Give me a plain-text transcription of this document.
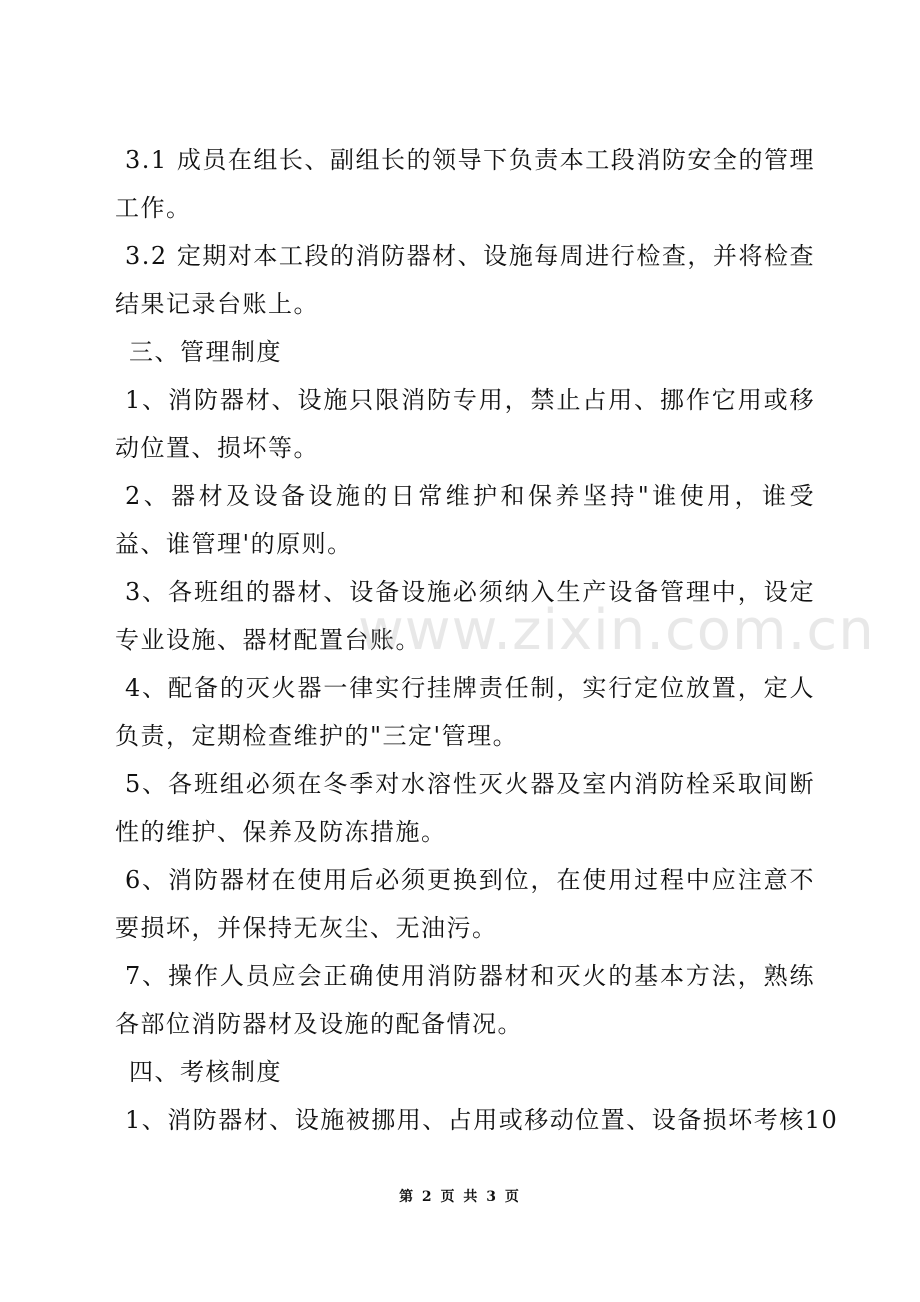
3.1 成员在组长、副组长的领导下负责本工段消防安全的管理工作。

3.2 定期对本工段的消防器材、设施每周进行检查，并将检查结果记录台账上。

三、管理制度

1、消防器材、设施只限消防专用，禁止占用、挪作它用或移动位置、损坏等。

2、器材及设备设施的日常维护和保养坚持"谁使用，谁受益、谁管理'的原则。

3、各班组的器材、设备设施必须纳入生产设备管理中，设定专业设施、器材配置台账。

4、配备的灭火器一律实行挂牌责任制，实行定位放置，定人负责，定期检查维护的"三定'管理。

5、各班组必须在冬季对水溶性灭火器及室内消防栓采取间断性的维护、保养及防冻措施。

6、消防器材在使用后必须更换到位，在使用过程中应注意不要损坏，并保持无灰尘、无油污。

7、操作人员应会正确使用消防器材和灭火的基本方法，熟练各部位消防器材及设施的配备情况。

四、考核制度

1、消防器材、设施被挪用、占用或移动位置、设备损坏考核10

www.zixin.com.cn
第 2 页 共 3 页
